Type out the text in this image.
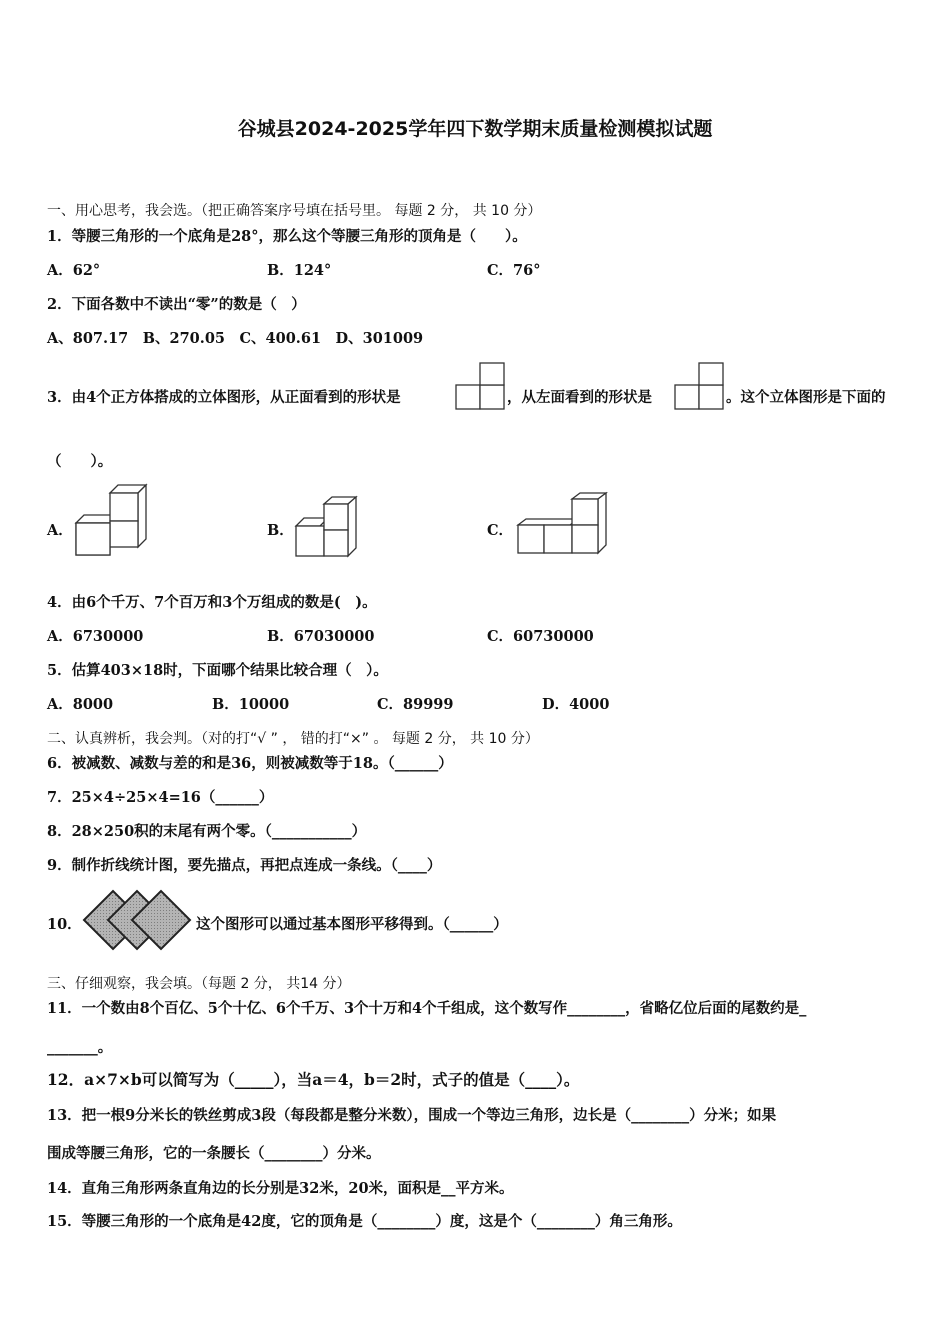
谷城县2024-2025学年四下数学期末质量检测模拟试题
一、用心思考，我会选。（把正确答案序号填在括号里。 每题 2 分， 共 10 分）
1．等腰三角形的一个底角是28°，那么这个等腰三角形的顶角是（　　）。
A．62°	B．124°	C．76°
2．下面各数中不读出“零”的数是（　）
A、807.17　B、270.05　C、400.61　D、301009
3．由4个正方体搭成的立体图形，从正面看到的形状是	，从左面看到的形状是	。这个立体图形是下面的
（　　）。
A．	B．	C．
4．由6个千万、7个百万和3个万组成的数是(　)。
A．6730000	B．67030000	C．60730000
5．估算403×18时，下面哪个结果比较合理（　）。
A．8000	B．10000	C．89999	D．4000
二、认真辨析，我会判。（对的打“√ ” ， 错的打“×” 。 每题 2 分， 共 10 分）
6．被减数、减数与差的和是36，则被减数等于18。（______）
7．25×4÷25×4=16（______）
8．28×250积的末尾有两个零。（___________）
9．制作折线统计图，要先描点，再把点连成一条线。（____）
10．	这个图形可以通过基本图形平移得到。（______）
三、仔细观察，我会填。（每题 2 分， 共14 分）
11．一个数由8个百亿、5个十亿、6个千万、3个十万和4个千组成，这个数写作________，省略亿位后面的尾数约是_
_______。
12．a×7×b可以简写为（_____），当a＝4，b＝2时，式子的值是（____）。
13．把一根9分米长的铁丝剪成3段（每段都是整分米数），围成一个等边三角形，边长是（________）分米；如果
围成等腰三角形，它的一条腰长（________）分米。
14．直角三角形两条直角边的长分别是32米，20米，面积是__平方米。
15．等腰三角形的一个底角是42度，它的顶角是（________）度，这是个（________）角三角形。
